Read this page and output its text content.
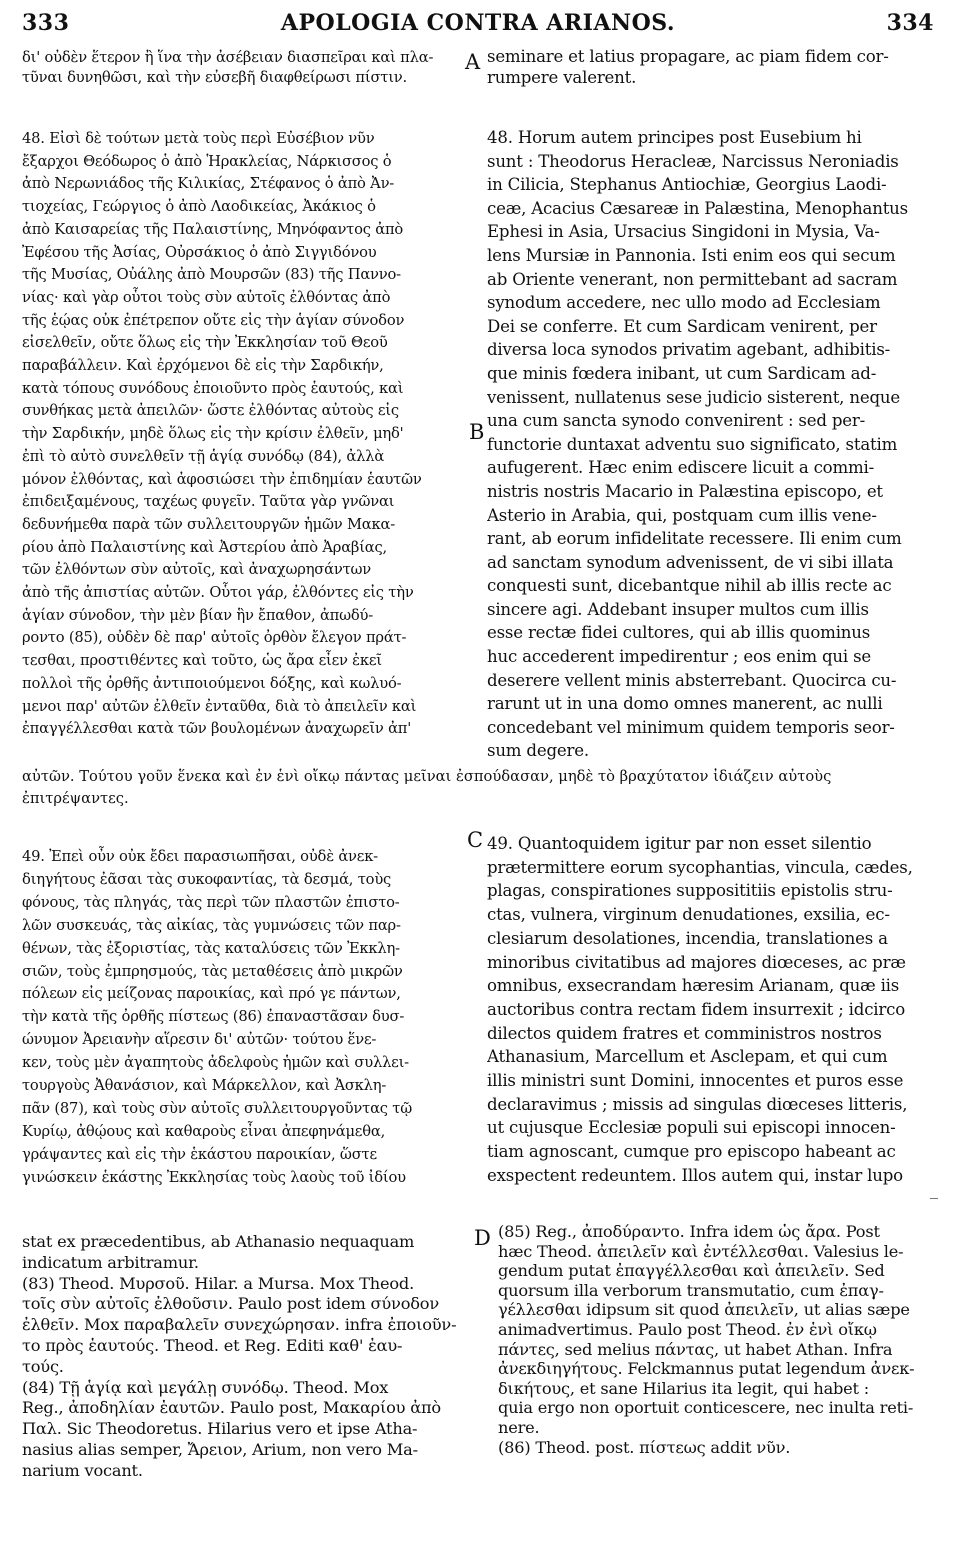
333	APOLOGIA CONTRA ARIANOS.	334
δι' οὐδὲν ἕτερον ἢ ἵνα τὴν ἀσέβειαν διασπεῖραι καὶ πλα-
τῦναι δυνηθῶσι, καὶ τὴν εὐσεβῆ διαφθείρωσι πίστιν.
seminare et latius propagare, ac piam fidem cor-
rumpere valerent.
48. Εἰσὶ δὲ τούτων μετὰ τοὺς περὶ Εὐσέβιον νῦν
ἔξαρχοι Θεόδωρος ὁ ἀπὸ Ἡρακλείας, Νάρκισσος ὁ
ἀπὸ Νερωνιάδος τῆς Κιλικίας, Στέφανος ὁ ἀπὸ Ἀν-
τιοχείας, Γεώργιος ὁ ἀπὸ Λαοδικείας, Ἀκάκιος ὁ
ἀπὸ Καισαρείας τῆς Παλαιστίνης, Μηνόφαντος ἀπὸ
Ἐφέσου τῆς Ἀσίας, Οὐρσάκιος ὁ ἀπὸ Σιγγιδόνου
τῆς Μυσίας, Οὐάλης ἀπὸ Μουρσῶν (83) τῆς Παννο-
νίας· καὶ γὰρ οὗτοι τοὺς σὺν αὐτοῖς ἐλθόντας ἀπὸ
τῆς ἑῴας οὐκ ἐπέτρεπον οὔτε εἰς τὴν ἁγίαν σύνοδον
εἰσελθεῖν, οὔτε ὅλως εἰς τὴν Ἐκκλησίαν τοῦ Θεοῦ
παραβάλλειν. Καὶ ἐρχόμενοι δὲ εἰς τὴν Σαρδικήν,
κατὰ τόπους συνόδους ἐποιοῦντο πρὸς ἑαυτούς, καὶ
συνθήκας μετὰ ἀπειλῶν· ὥστε ἐλθόντας αὐτοὺς εἰς
τὴν Σαρδικήν, μηδὲ ὅλως εἰς τὴν κρίσιν ἐλθεῖν, μηδ'
ἐπὶ τὸ αὐτὸ συνελθεῖν τῇ ἁγίᾳ συνόδῳ (84), ἀλλὰ
μόνον ἐλθόντας, καὶ ἀφοσιώσει τὴν ἐπιδημίαν ἑαυτῶν
ἐπιδειξαμένους, ταχέως φυγεῖν. Ταῦτα γὰρ γνῶναι
δεδυνήμεθα παρὰ τῶν συλλειτουργῶν ἡμῶν Μακα-
ρίου ἀπὸ Παλαιστίνης καὶ Ἀστερίου ἀπὸ Ἀραβίας,
τῶν ἐλθόντων σὺν αὐτοῖς, καὶ ἀναχωρησάντων
ἀπὸ τῆς ἀπιστίας αὐτῶν. Οὗτοι γάρ, ἐλθόντες εἰς τὴν
ἁγίαν σύνοδον, τὴν μὲν βίαν ἣν ἔπαθον, ἀπωδύ-
ροντο (85), οὐδὲν δὲ παρ' αὐτοῖς ὀρθὸν ἔλεγον πράτ-
τεσθαι, προστιθέντες καὶ τοῦτο, ὡς ἄρα εἶεν ἐκεῖ
πολλοὶ τῆς ὀρθῆς ἀντιποιούμενοι δόξης, καὶ κωλυό-
μενοι παρ' αὐτῶν ἐλθεῖν ἐνταῦθα, διὰ τὸ ἀπειλεῖν καὶ
ἐπαγγέλλεσθαι κατὰ τῶν βουλομένων ἀναχωρεῖν ἀπ'
48. Horum autem principes post Eusebium hi
sunt : Theodorus Heracleæ, Narcissus Neroniadis
in Cilicia, Stephanus Antiochiæ, Georgius Laodi-
ceæ, Acacius Cæsareæ in Palæstina, Menophantus
Ephesi in Asia, Ursacius Singidoni in Mysia, Va-
lens Mursiæ in Pannonia. Isti enim eos qui secum
ab Oriente venerant, non permittebant ad sacram
synodum accedere, nec ullo modo ad Ecclesiam
Dei se conferre. Et cum Sardicam venirent, per
diversa loca synodos privatim agebant, adhibitis-
que minis fœdera inibant, ut cum Sardicam ad-
venissent, nullatenus sese judicio sisterent, neque
una cum sancta synodo convenirent : sed per-
functorie duntaxat adventu suo significato, statim
aufugerent. Hæc enim ediscere licuit a commi-
nistris nostris Macario in Palæstina episcopo, et
Asterio in Arabia, qui, postquam cum illis vene-
rant, ab eorum infidelitate recessere. Ili enim cum
ad sanctam synodum advenissent, de vi sibi illata
conquesti sunt, dicebantque nihil ab illis recte ac
sincere agi. Addebant insuper multos cum illis
esse rectæ fidei cultores, qui ab illis quominus
huc accederent impedirentur ; eos enim qui se
deserere vellent minis absterrebant. Quocirca cu-
rarunt ut in una domo omnes manerent, ac nulli
concedebant vel minimum quidem temporis seor-
sum degere.
αὐτῶν. Τούτου γοῦν ἕνεκα καὶ ἐν ἑνὶ οἴκῳ πάντας μεῖναι ἐσπούδασαν, μηδὲ τὸ βραχύτατον ἰδιάζειν αὐτοὺς
ἐπιτρέψαντες.
49. Ἐπεὶ οὖν οὐκ ἔδει παρασιωπῆσαι, οὐδὲ ἀνεκ-
διηγήτους ἐᾶσαι τὰς συκοφαντίας, τὰ δεσμά, τοὺς
φόνους, τὰς πληγάς, τὰς περὶ τῶν πλαστῶν ἐπιστο-
λῶν συσκευάς, τὰς αἰκίας, τὰς γυμνώσεις τῶν παρ-
θένων, τὰς ἐξοριστίας, τὰς καταλύσεις τῶν Ἐκκλη-
σιῶν, τοὺς ἐμπρησμούς, τὰς μεταθέσεις ἀπὸ μικρῶν
πόλεων εἰς μείζονας παροικίας, καὶ πρό γε πάντων,
τὴν κατὰ τῆς ὀρθῆς πίστεως (86) ἐπαναστᾶσαν δυσ-
ώνυμον Ἀρειανὴν αἵρεσιν δι' αὐτῶν· τούτου ἕνε-
κεν, τοὺς μὲν ἀγαπητοὺς ἀδελφοὺς ἡμῶν καὶ συλλει-
τουργοὺς Ἀθανάσιον, καὶ Μάρκελλον, καὶ Ἀσκλη-
πᾶν (87), καὶ τοὺς σὺν αὐτοῖς συλλειτουργοῦντας τῷ
Κυρίῳ, ἀθῴους καὶ καθαροὺς εἶναι ἀπεφηνάμεθα,
γράψαντες καὶ εἰς τὴν ἑκάστου παροικίαν, ὥστε
γινώσκειν ἑκάστης Ἐκκλησίας τοὺς λαοὺς τοῦ ἰδίου
49. Quantoquidem igitur par non esset silentio
prætermittere eorum sycophantias, vincula, cædes,
plagas, conspirationes supposititiis epistolis stru-
ctas, vulnera, virginum denudationes, exsilia, ec-
clesiarum desolationes, incendia, translationes a
minoribus civitatibus ad majores diœceses, ac præ
omnibus, exsecrandam hæresim Arianam, quæ iis
auctoribus contra rectam fidem insurrexit ; idcirco
dilectos quidem fratres et comministros nostros
Athanasium, Marcellum et Asclepam, et qui cum
illis ministri sunt Domini, innocentes et puros esse
declaravimus ; missis ad singulas diœceses litteris,
ut cujusque Ecclesiæ populi sui episcopi innocen-
tiam agnoscant, cumque pro episcopo habeant ac
exspectent redeuntem. Illos autem qui, instar lupo
stat ex præcedentibus, ab Athanasio nequaquam
indicatum arbitramur.
(83) Theod. Μυρσοῦ. Hilar. a Mursa. Mox Theod.
τοῖς σὺν αὐτοῖς ἐλθοῦσιν. Paulo post idem σύνοδον
ἐλθεῖν. Mox παραβαλεῖν συνεχώρησαν. infra ἐποιοῦν-
το πρὸς ἑαυτούς. Theod. et Reg. Editi καθ' ἑαυ-
τούς.
(84) Τῇ ἁγίᾳ καὶ μεγάλῃ συνόδῳ. Theod. Mox
Reg., ἀποδηλίαν ἑαυτῶν. Paulo post, Μακαρίου ἀπὸ
Παλ. Sic Theodoretus. Hilarius vero et ipse Atha-
nasius alias semper, Ἄρειον, Arium, non vero Ma-
narium vocant.
(85) Reg., ἀποδύραντο. Infra idem ὡς ἄρα. Post
hæc Theod. ἀπειλεῖν καὶ ἐντέλλεσθαι. Valesius le-
gendum putat ἐπαγγέλλεσθαι καὶ ἀπειλεῖν. Sed
quorsum illa verborum transmutatio, cum ἐπαγ-
γέλλεσθαι idipsum sit quod ἀπειλεῖν, ut alias sæpe
animadvertimus. Paulo post Theod. ἐν ἑνὶ οἴκῳ
πάντες, sed melius πάντας, ut habet Athan. Infra
ἀνεκδιηγήτους. Felckmannus putat legendum ἀνεκ-
δικήτους, et sane Hilarius ita legit, qui habet :
quia ergo non oportuit conticescere, nec inulta reti-
nere.
(86) Theod. post. πίστεως addit νῦν.
A
B
C
D
